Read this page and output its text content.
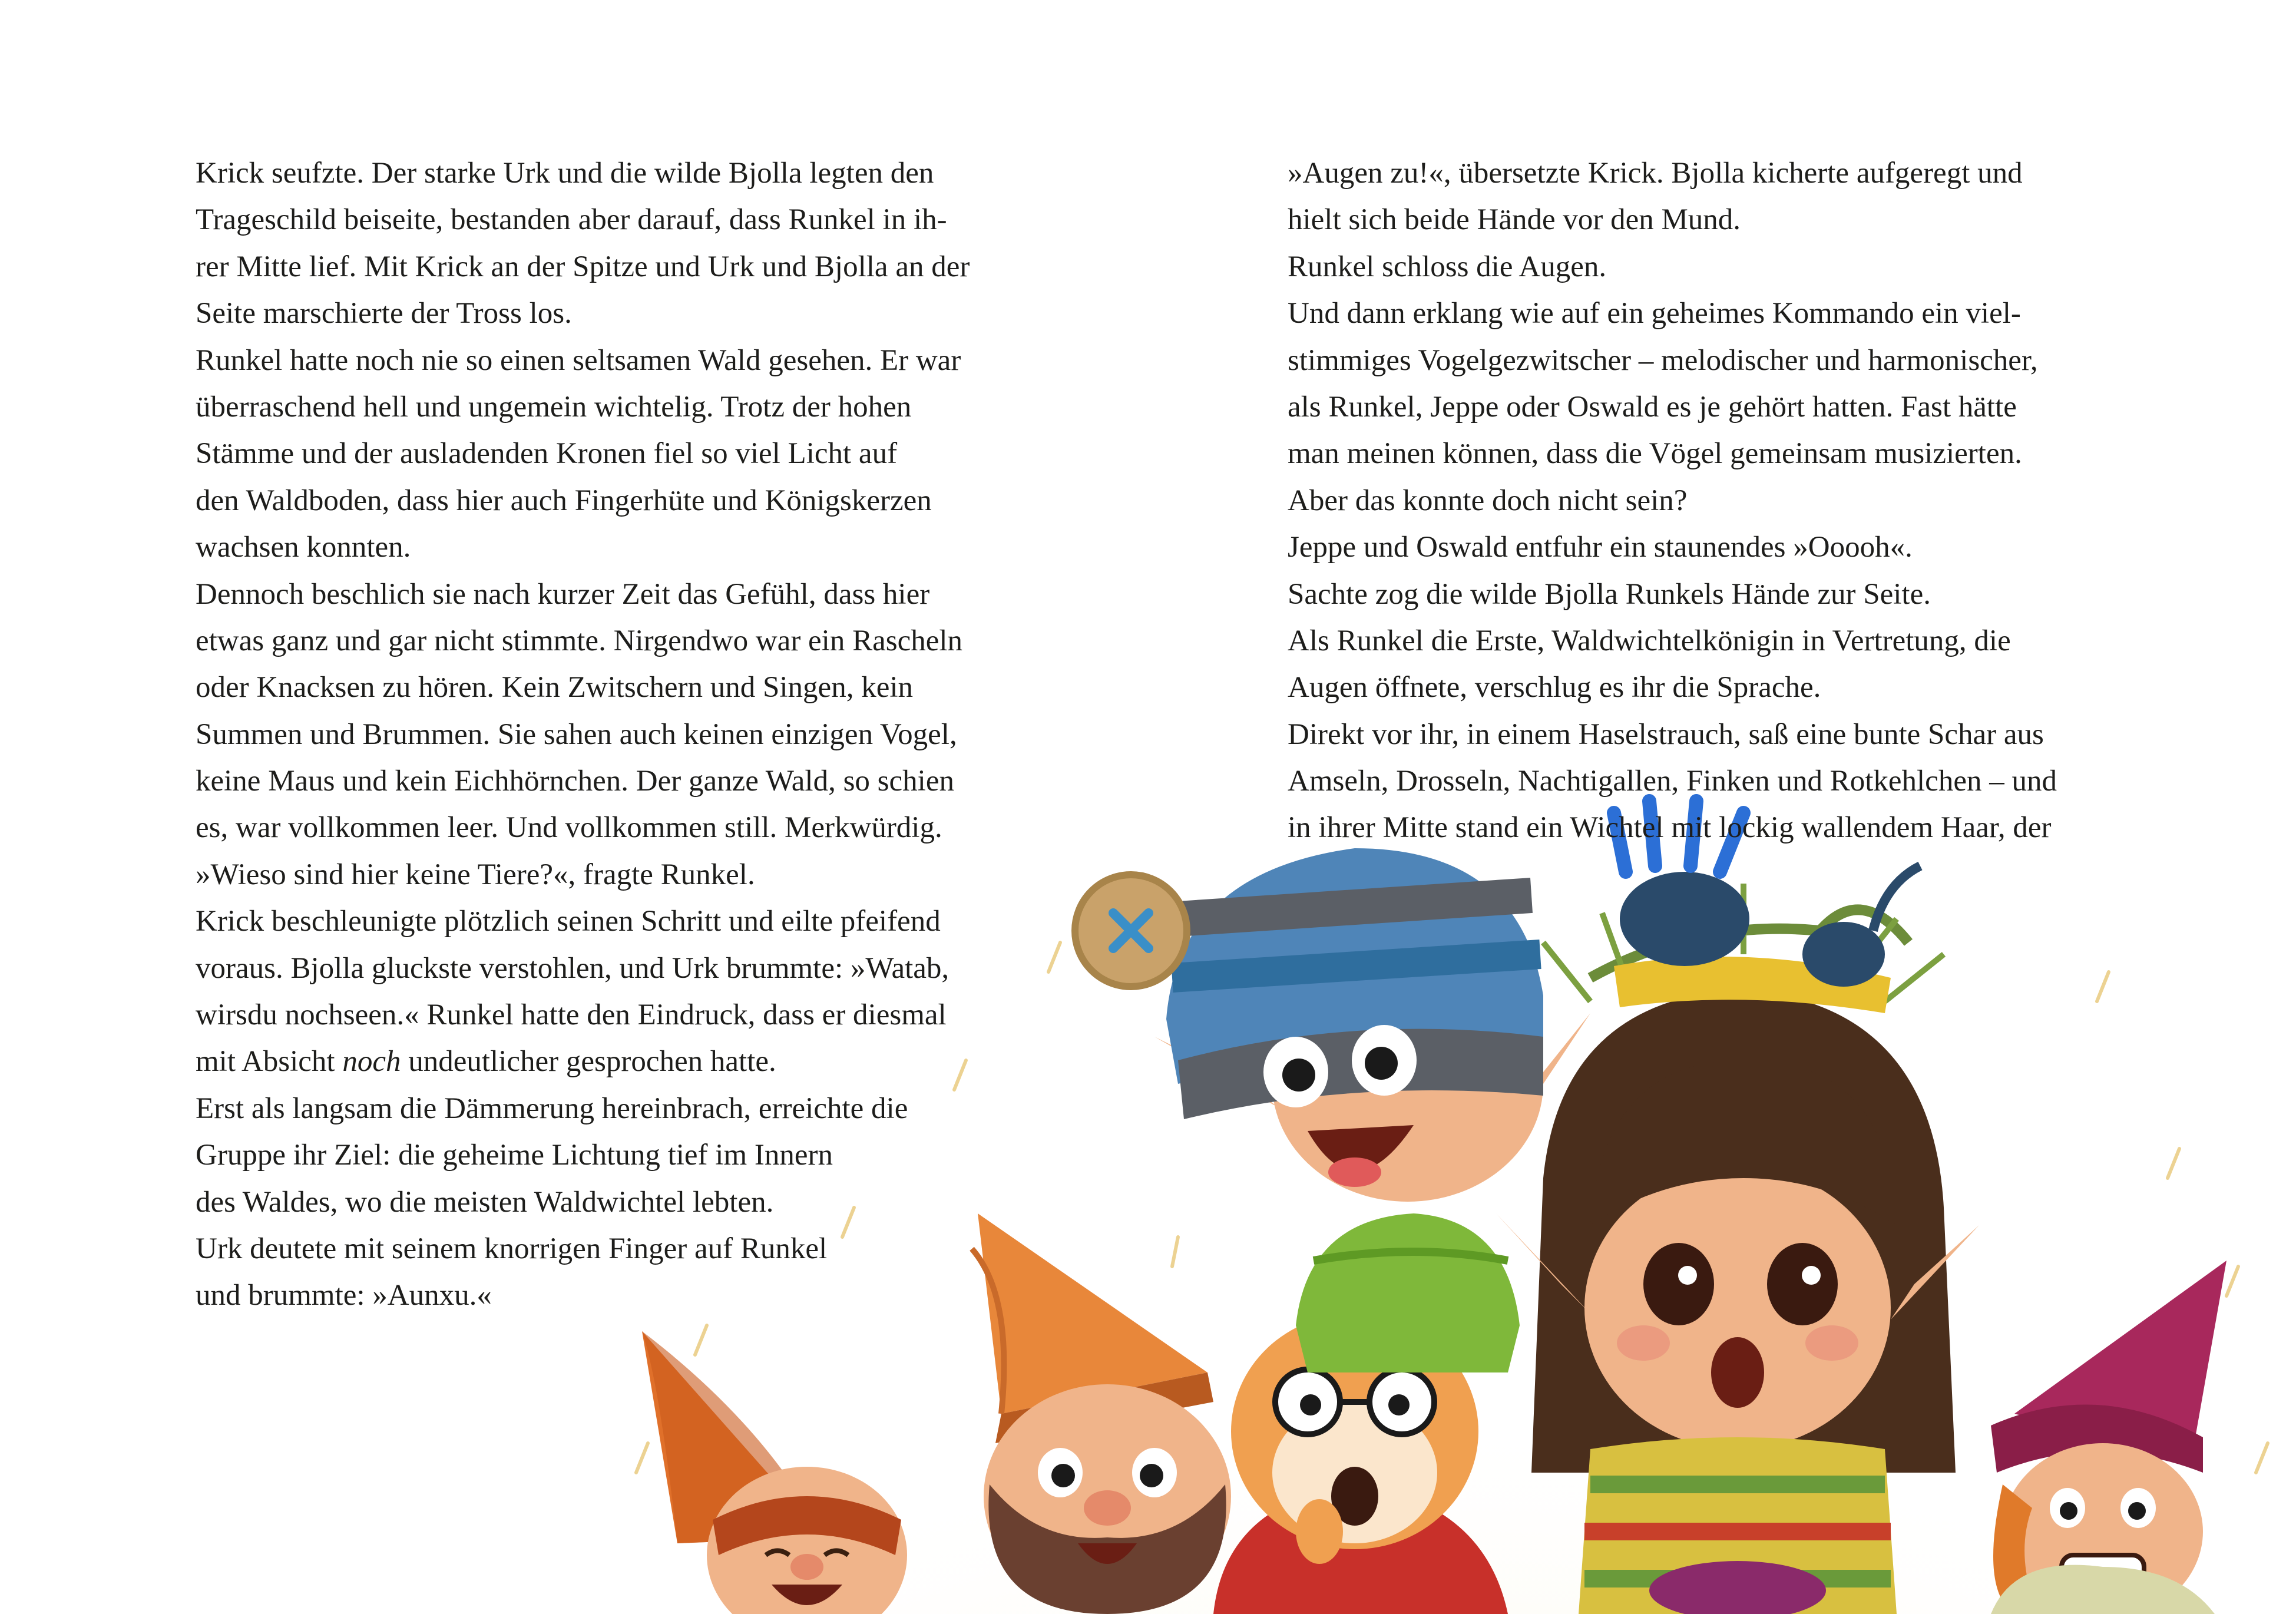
Krick seufzte. Der starke Urk und die wilde Bjolla legten den
Trageschild beiseite, bestanden aber darauf, dass Runkel in ih-
rer Mitte lief. Mit Krick an der Spitze und Urk und Bjolla an der
Seite marschierte der Tross los.
Runkel hatte noch nie so einen seltsamen Wald gesehen. Er war
überraschend hell und ungemein wichtelig. Trotz der hohen
Stämme und der ausladenden Kronen fiel so viel Licht auf
den Waldboden, dass hier auch Fingerhüte und Königskerzen
wachsen konnten.
Dennoch beschlich sie nach kurzer Zeit das Gefühl, dass hier
etwas ganz und gar nicht stimmte. Nirgendwo war ein Rascheln
oder Knacksen zu hören. Kein Zwitschern und Singen, kein
Summen und Brummen. Sie sahen auch keinen einzigen Vogel,
keine Maus und kein Eichhörnchen. Der ganze Wald, so schien
es, war vollkommen leer. Und vollkommen still. Merkwürdig.
»Wieso sind hier keine Tiere?«, fragte Runkel.
Krick beschleunigte plötzlich seinen Schritt und eilte pfeifend
voraus. Bjolla gluckste verstohlen, und Urk brummte: »Watab,
wirsdu nochseen.« Runkel hatte den Eindruck, dass er diesmal
mit Absicht noch undeutlicher gesprochen hatte.
Erst als langsam die Dämmerung hereinbrach, erreichte die
Gruppe ihr Ziel: die geheime Lichtung tief im Innern
des Waldes, wo die meisten Waldwichtel lebten.
Urk deutete mit seinem knorrigen Finger auf Runkel
und brummte: »Aunxu.«
»Augen zu!«, übersetzte Krick. Bjolla kicherte aufgeregt und
hielt sich beide Hände vor den Mund.
Runkel schloss die Augen.
Und dann erklang wie auf ein geheimes Kommando ein viel-
stimmiges Vogelgezwitscher – melodischer und harmonischer,
als Runkel, Jeppe oder Oswald es je gehört hatten. Fast hätte
man meinen können, dass die Vögel gemeinsam musizierten.
Aber das konnte doch nicht sein?
Jeppe und Oswald entfuhr ein staunendes »Ooooh«.
Sachte zog die wilde Bjolla Runkels Hände zur Seite.
Als Runkel die Erste, Waldwichtelkönigin in Vertretung, die
Augen öffnete, verschlug es ihr die Sprache.
Direkt vor ihr, in einem Haselstrauch, saß eine bunte Schar aus
Amseln, Drosseln, Nachtigallen, Finken und Rotkehlchen – und
in ihrer Mitte stand ein Wichtel mit lockig wallendem Haar, der
